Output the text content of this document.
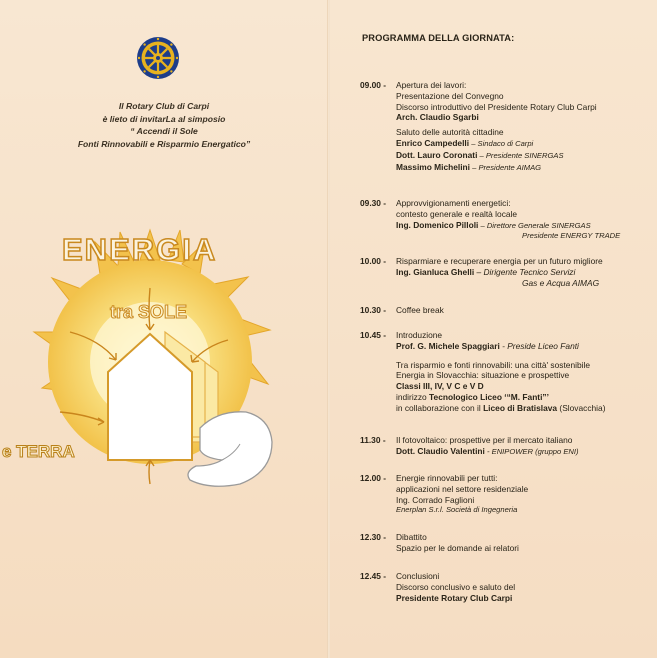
Il Rotary Club di Carpi
è lieto di invitarLa al simposio
“ Accendi il Sole
Fonti Rinnovabili e Risparmio Energatico”
ENERGIA
tra SOLE
e TERRA
PROGRAMMA DELLA GIORNATA:
09.00 - Apertura dei lavori:
Presentazione del Convegno
Discorso introduttivo del Presidente Rotary Club Carpi
Arch. Claudio Sgarbi
Saluto delle autorità cittadine
Enrico Campedelli – Sindaco di Carpi
Dott. Lauro Coronati – Presidente SINERGAS
Massimo Michelini – Presidente AIMAG
09.30 - Approvvigionamenti energetici:
contesto generale e realtà locale
Ing. Domenico Pilloli – Direttore Generale SINERGAS
Presidente ENERGY TRADE
10.00 - Risparmiare e recuperare energia per un futuro migliore
Ing. Gianluca Ghelli – Dirigente Tecnico Servizi
Gas e Acqua AIMAG
10.30 - Coffee break
10.45 - Introduzione
Prof. G. Michele Spaggiari - Preside Liceo Fanti
Tra risparmio e fonti rinnovabili: una città' sostenibile
Energia in Slovacchia: situazione e prospettive
Classi III, IV, V C e V D
indirizzo Tecnologico Liceo ‘“M. Fanti”’
in collaborazione con il Liceo di Bratislava (Slovacchia)
11.30 - Il fotovoltaico: prospettive per il mercato italiano
Dott. Claudio Valentini - ENIPOWER (gruppo ENI)
12.00 - Energie rinnovabili per tutti:
applicazioni nel settore residenziale
Ing. Corrado Faglioni
Enerplan S.r.l. Società di Ingegneria
12.30 - Dibattito
Spazio per le domande ai relatori
12.45 - Conclusioni
Discorso conclusivo e saluto del
Presidente Rotary Club Carpi
